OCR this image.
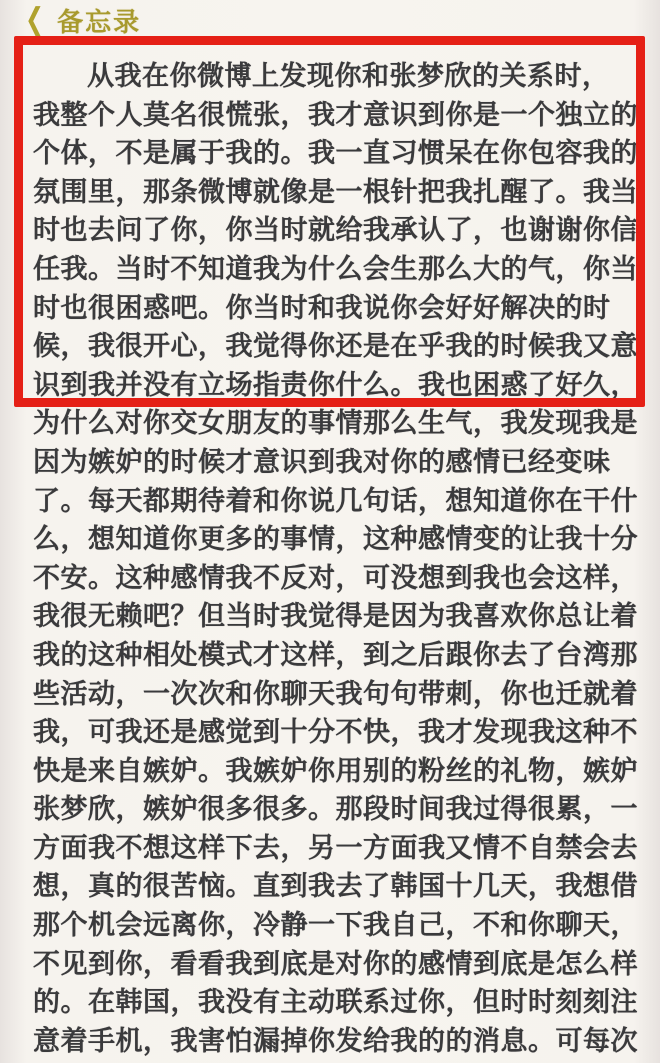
❮ 备忘录
从我在你微博上发现你和张梦欣的关系时，
我整个人莫名很慌张，我才意识到你是一个独立的
个体，不是属于我的。我一直习惯呆在你包容我的
氛围里，那条微博就像是一根针把我扎醒了。我当
时也去问了你，你当时就给我承认了，也谢谢你信
任我。当时不知道我为什么会生那么大的气，你当
时也很困惑吧。你当时和我说你会好好解决的时
候，我很开心，我觉得你还是在乎我的时候我又意
识到我并没有立场指责你什么。我也困惑了好久，
为什么对你交女朋友的事情那么生气，我发现我是
因为嫉妒的时候才意识到我对你的感情已经变味
了。每天都期待着和你说几句话，想知道你在干什
么，想知道你更多的事情，这种感情变的让我十分
不安。这种感情我不反对，可没想到我也会这样，
我很无赖吧？但当时我觉得是因为我喜欢你总让着
我的这种相处模式才这样，到之后跟你去了台湾那
些活动，一次次和你聊天我句句带刺，你也迁就着
我，可我还是感觉到十分不快，我才发现我这种不
快是来自嫉妒。我嫉妒你用别的粉丝的礼物，嫉妒
张梦欣，嫉妒很多很多。那段时间我过得很累，一
方面我不想这样下去，另一方面我又情不自禁会去
想，真的很苦恼。直到我去了韩国十几天，我想借
那个机会远离你，冷静一下我自己，不和你聊天，
不见到你，看看我到底是对你的感情到底是怎么样
的。在韩国，我没有主动联系过你，但时时刻刻注
意着手机，我害怕漏掉你发给我的的消息。可每次
